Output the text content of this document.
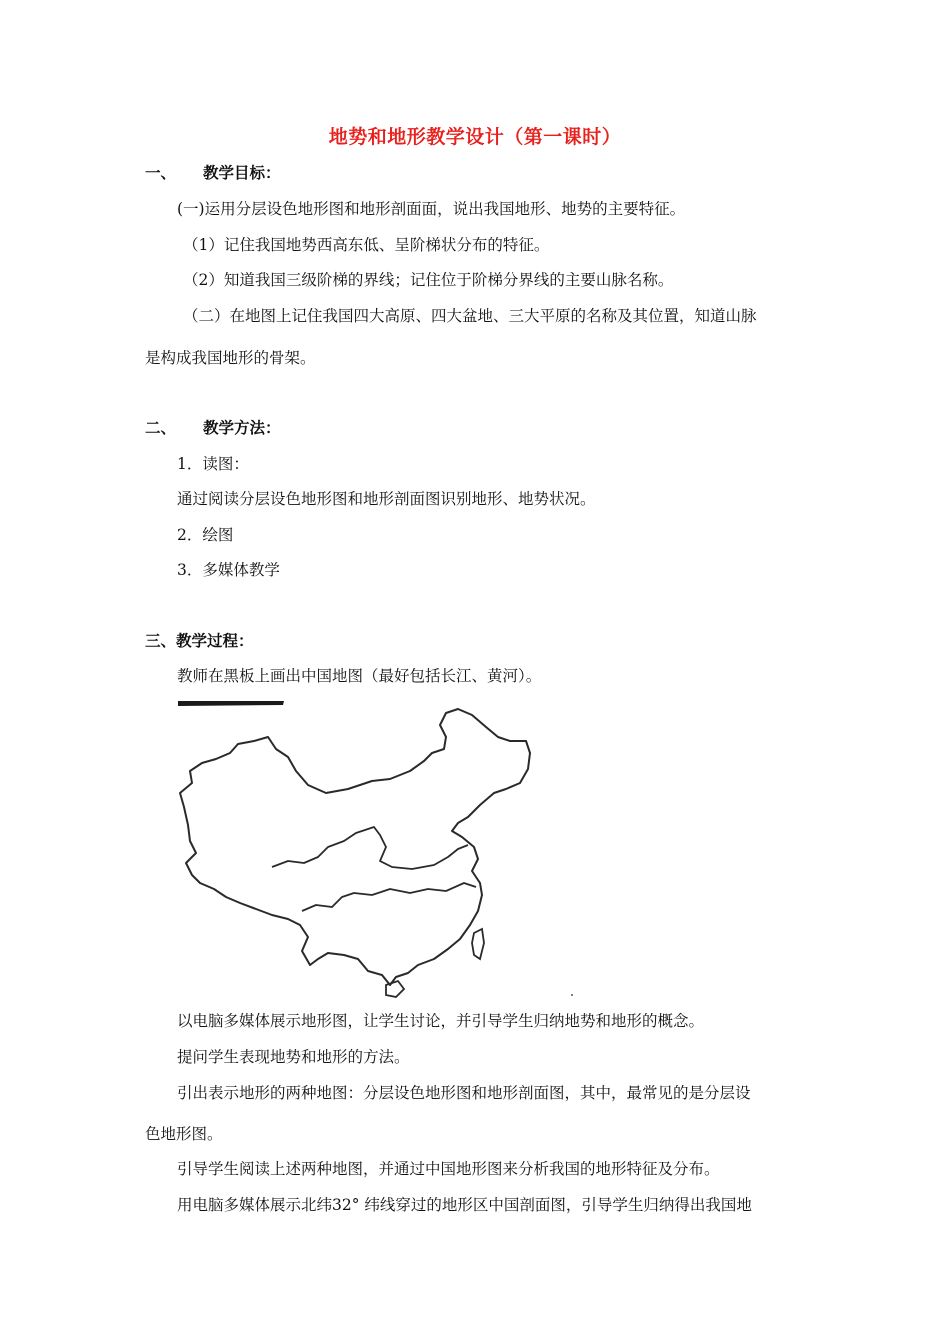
地势和地形教学设计（第一课时）
一、 教学目标：
(一)运用分层设色地形图和地形剖面面，说出我国地形、地势的主要特征。
（1）记住我国地势西高东低、呈阶梯状分布的特征。
（2）知道我国三级阶梯的界线；记住位于阶梯分界线的主要山脉名称。
（二）在地图上记住我国四大高原、四大盆地、三大平原的名称及其位置，知道山脉
是构成我国地形的骨架。
二、 教学方法：
1．读图：
通过阅读分层设色地形图和地形剖面图识别地形、地势状况。
2．绘图
3．多媒体教学
三、教学过程：
教师在黑板上画出中国地图（最好包括长江、黄河）。
以电脑多媒体展示地形图，让学生讨论，并引导学生归纳地势和地形的概念。
提问学生表现地势和地形的方法。
引出表示地形的两种地图：分层设色地形图和地形剖面图，其中，最常见的是分层设
色地形图。
引导学生阅读上述两种地图，并通过中国地形图来分析我国的地形特征及分布。
用电脑多媒体展示北纬32° 纬线穿过的地形区中国剖面图，引导学生归纳得出我国地
